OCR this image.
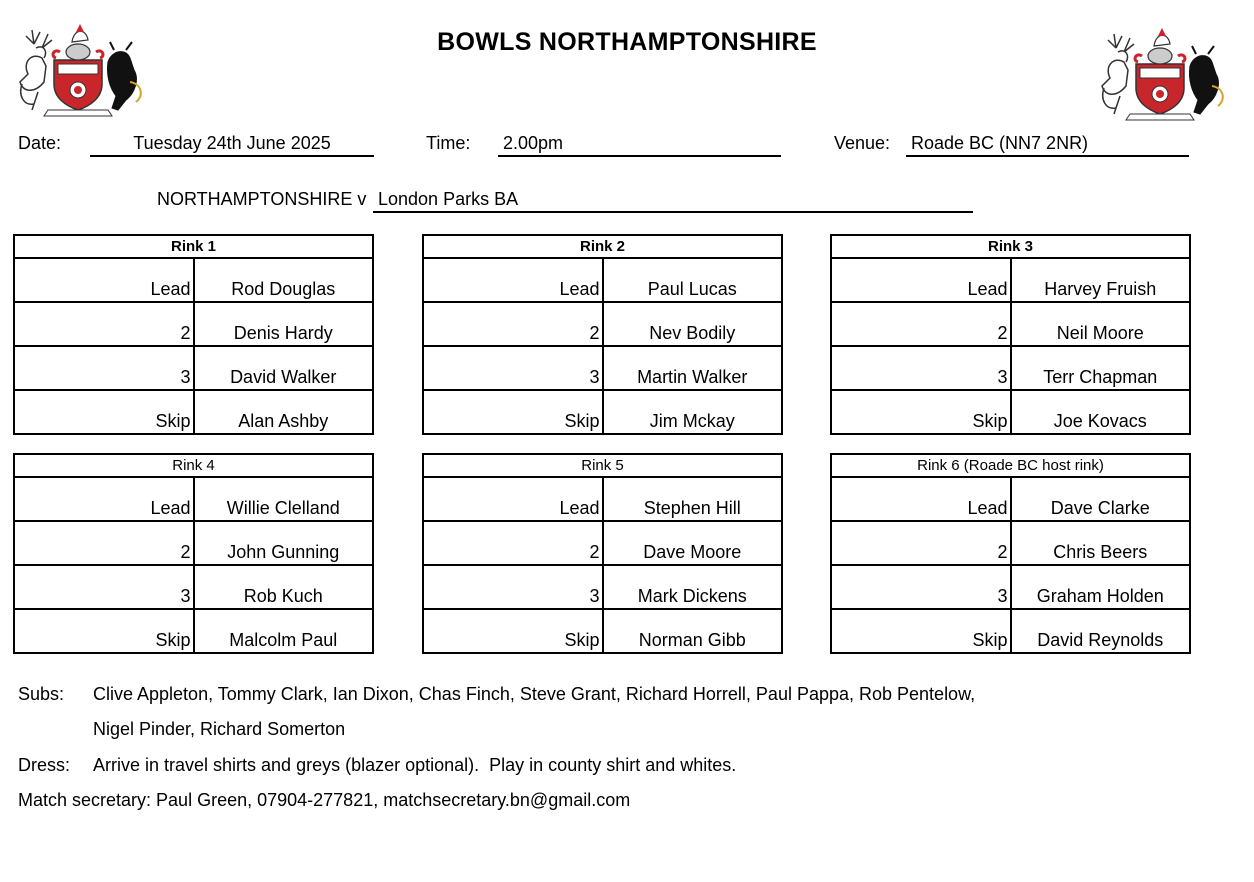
BOWLS NORTHAMPTONSHIRE
Date:	Tuesday 24th June 2025	Time: 2.00pm	Venue: Roade BC (NN7 2NR)
NORTHAMPTONSHIRE v London Parks BA
Rink 1	
Lead	Rod Douglas
2	Denis Hardy
3	David Walker
Skip	Alan Ashby
Rink 2	
Lead	Paul Lucas
2	Nev Bodily
3	Martin Walker
Skip	Jim Mckay
Rink 3	
Lead	Harvey Fruish
2	Neil Moore
3	Terr Chapman
Skip	Joe Kovacs
Rink 4	
Lead	Willie Clelland
2	John Gunning
3	Rob Kuch
Skip	Malcolm Paul
Rink 5	
Lead	Stephen Hill
2	Dave Moore
3	Mark Dickens
Skip	Norman Gibb
Rink 6 (Roade BC host rink)	
Lead	Dave Clarke
2	Chris Beers
3	Graham Holden
Skip	David Reynolds
Subs: Clive Appleton, Tommy Clark, Ian Dixon, Chas Finch, Steve Grant, Richard Horrell, Paul Pappa, Rob Pentelow,
Nigel Pinder, Richard Somerton
Dress: Arrive in travel shirts and greys (blazer optional).  Play in county shirt and whites.
Match secretary: Paul Green, 07904-277821, matchsecretary.bn@gmail.com
